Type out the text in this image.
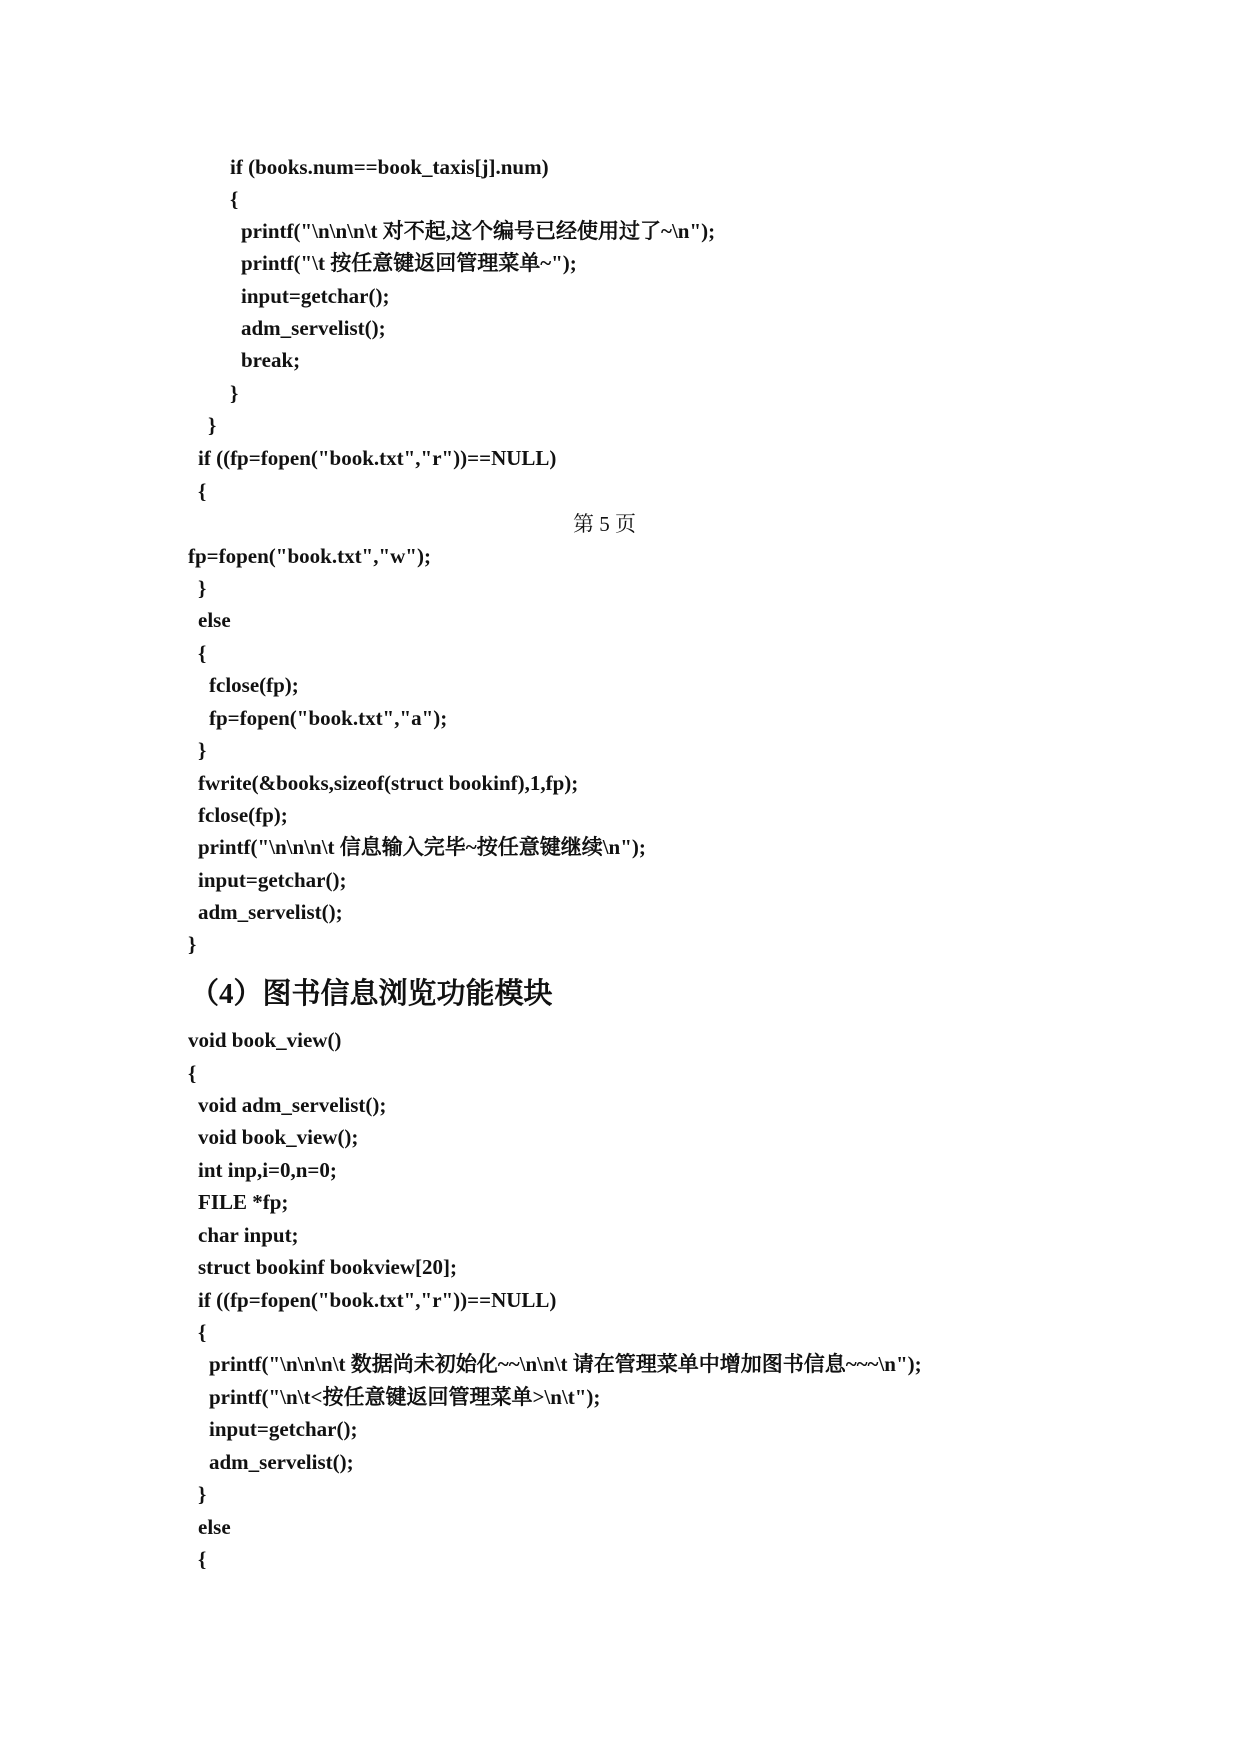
if (books.num==book_taxis[j].num)
{
printf("\n\n\n\t 对不起,这个编号已经使用过了~\n");
printf("\t 按任意键返回管理菜单~");
input=getchar();
adm_servelist();
break;
}
}
if ((fp=fopen("book.txt","r"))==NULL)
{
第 5 页
fp=fopen("book.txt","w");
}
else
{
fclose(fp);
fp=fopen("book.txt","a");
}
fwrite(&books,sizeof(struct bookinf),1,fp);
fclose(fp);
printf("\n\n\n\t 信息输入完毕~按任意键继续\n");
input=getchar();
adm_servelist();
}
（4）图书信息浏览功能模块
void book_view()
{
void adm_servelist();
void book_view();
int inp,i=0,n=0;
FILE *fp;
char input;
struct bookinf bookview[20];
if ((fp=fopen("book.txt","r"))==NULL)
{
printf("\n\n\n\t 数据尚未初始化~~\n\n\t 请在管理菜单中增加图书信息~~~\n");
printf("\n\t<按任意键返回管理菜单>\n\t");
input=getchar();
adm_servelist();
}
else
{
